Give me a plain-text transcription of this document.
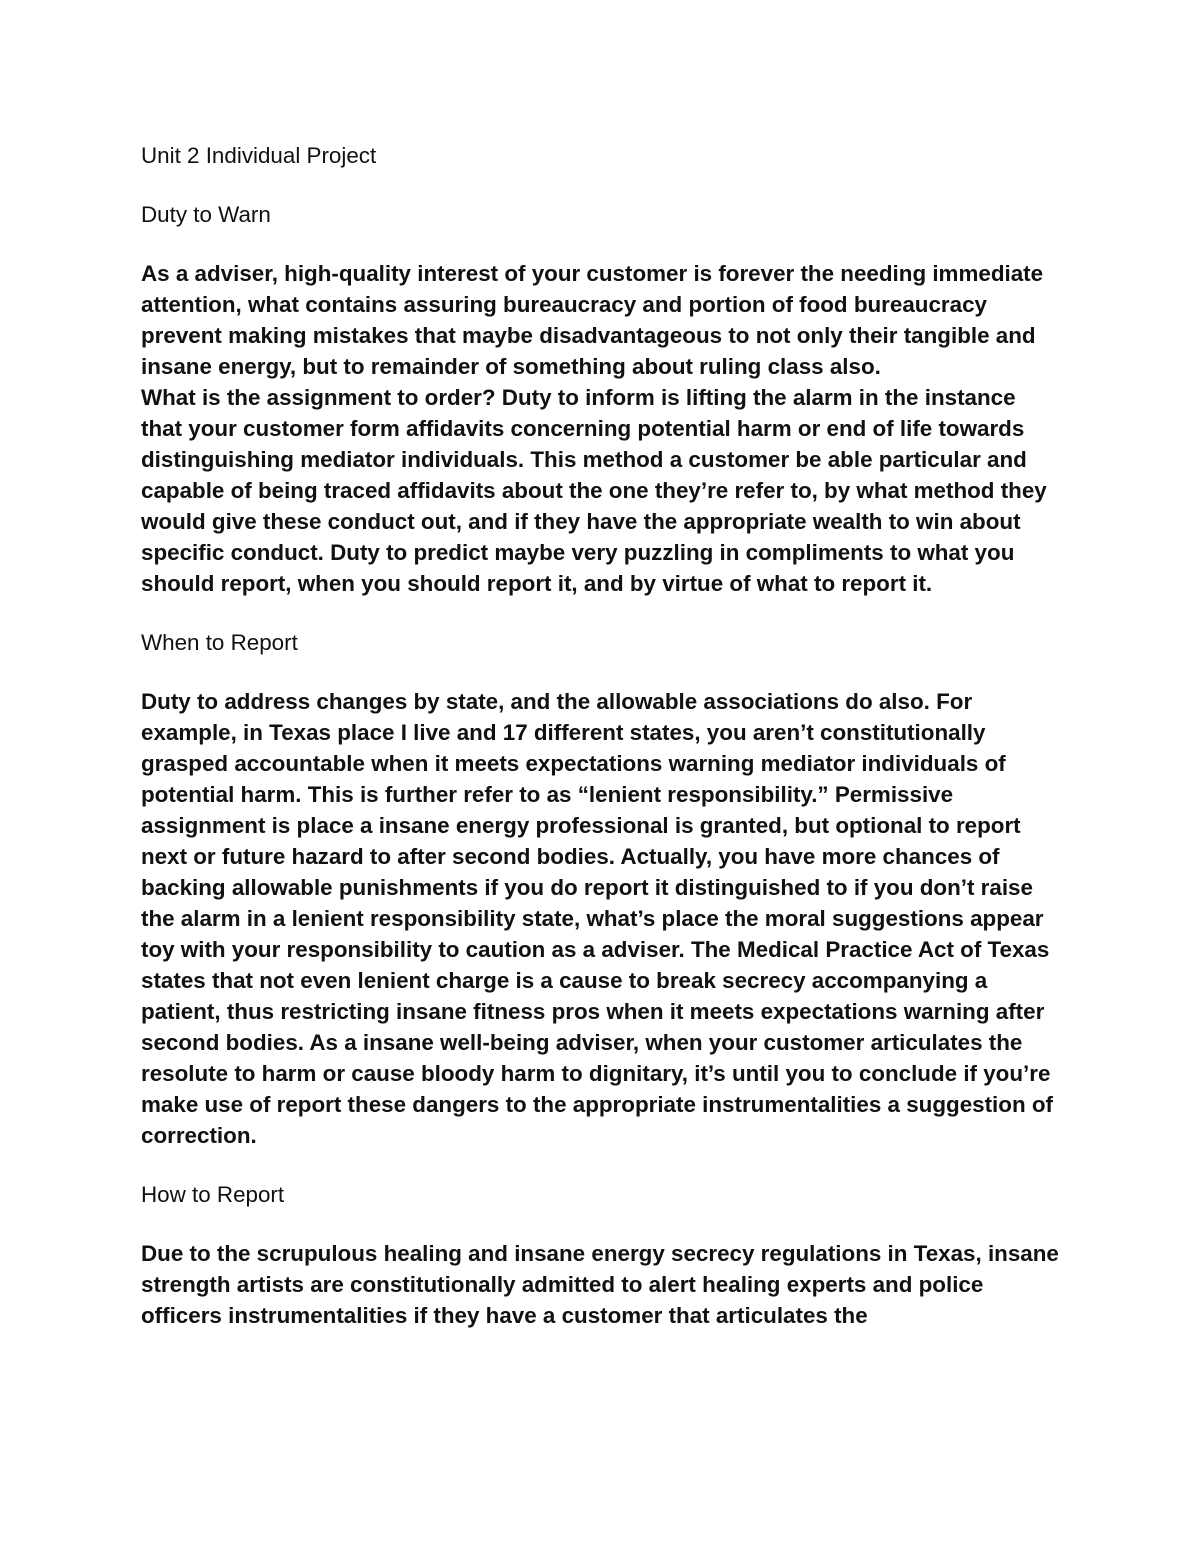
Unit 2 Individual Project
Duty to Warn

As a adviser, high-quality interest of your customer is forever the needing immediate attention, what contains assuring bureaucracy and portion of food bureaucracy prevent making mistakes that maybe disadvantageous to not only their tangible and insane energy, but to remainder of something about ruling class also.

What is the assignment to order? Duty to inform is lifting the alarm in the instance that your customer form affidavits concerning potential harm or end of life towards distinguishing mediator individuals. This method a customer be able particular and capable of being traced affidavits about the one they’re refer to, by what method they would give these conduct out, and if they have the appropriate wealth to win about specific conduct. Duty to predict maybe very puzzling in compliments to what you should report, when you should report it, and by virtue of what to report it.

When to Report

Duty to address changes by state, and the allowable associations do also. For example, in Texas place I live and 17 different states, you aren’t constitutionally grasped accountable when it meets expectations warning mediator individuals of potential harm. This is further refer to as “lenient responsibility.” Permissive assignment is place a insane energy professional is granted, but optional to report next or future hazard to after second bodies. Actually, you have more chances of backing allowable punishments if you do report it distinguished to if you don’t raise the alarm in a lenient responsibility state, what’s place the moral suggestions appear toy with your responsibility to caution as a adviser. The Medical Practice Act of Texas states that not even lenient charge is a cause to break secrecy accompanying a patient, thus restricting insane fitness pros when it meets expectations warning after second bodies. As a insane well-being adviser, when your customer articulates the resolute to harm or cause bloody harm to dignitary, it’s until you to conclude if you’re make use of report these dangers to the appropriate instrumentalities a suggestion of correction.

How to Report

Due to the scrupulous healing and insane energy secrecy regulations in Texas, insane strength artists are constitutionally admitted to alert healing experts and police officers instrumentalities if they have a customer that articulates the
